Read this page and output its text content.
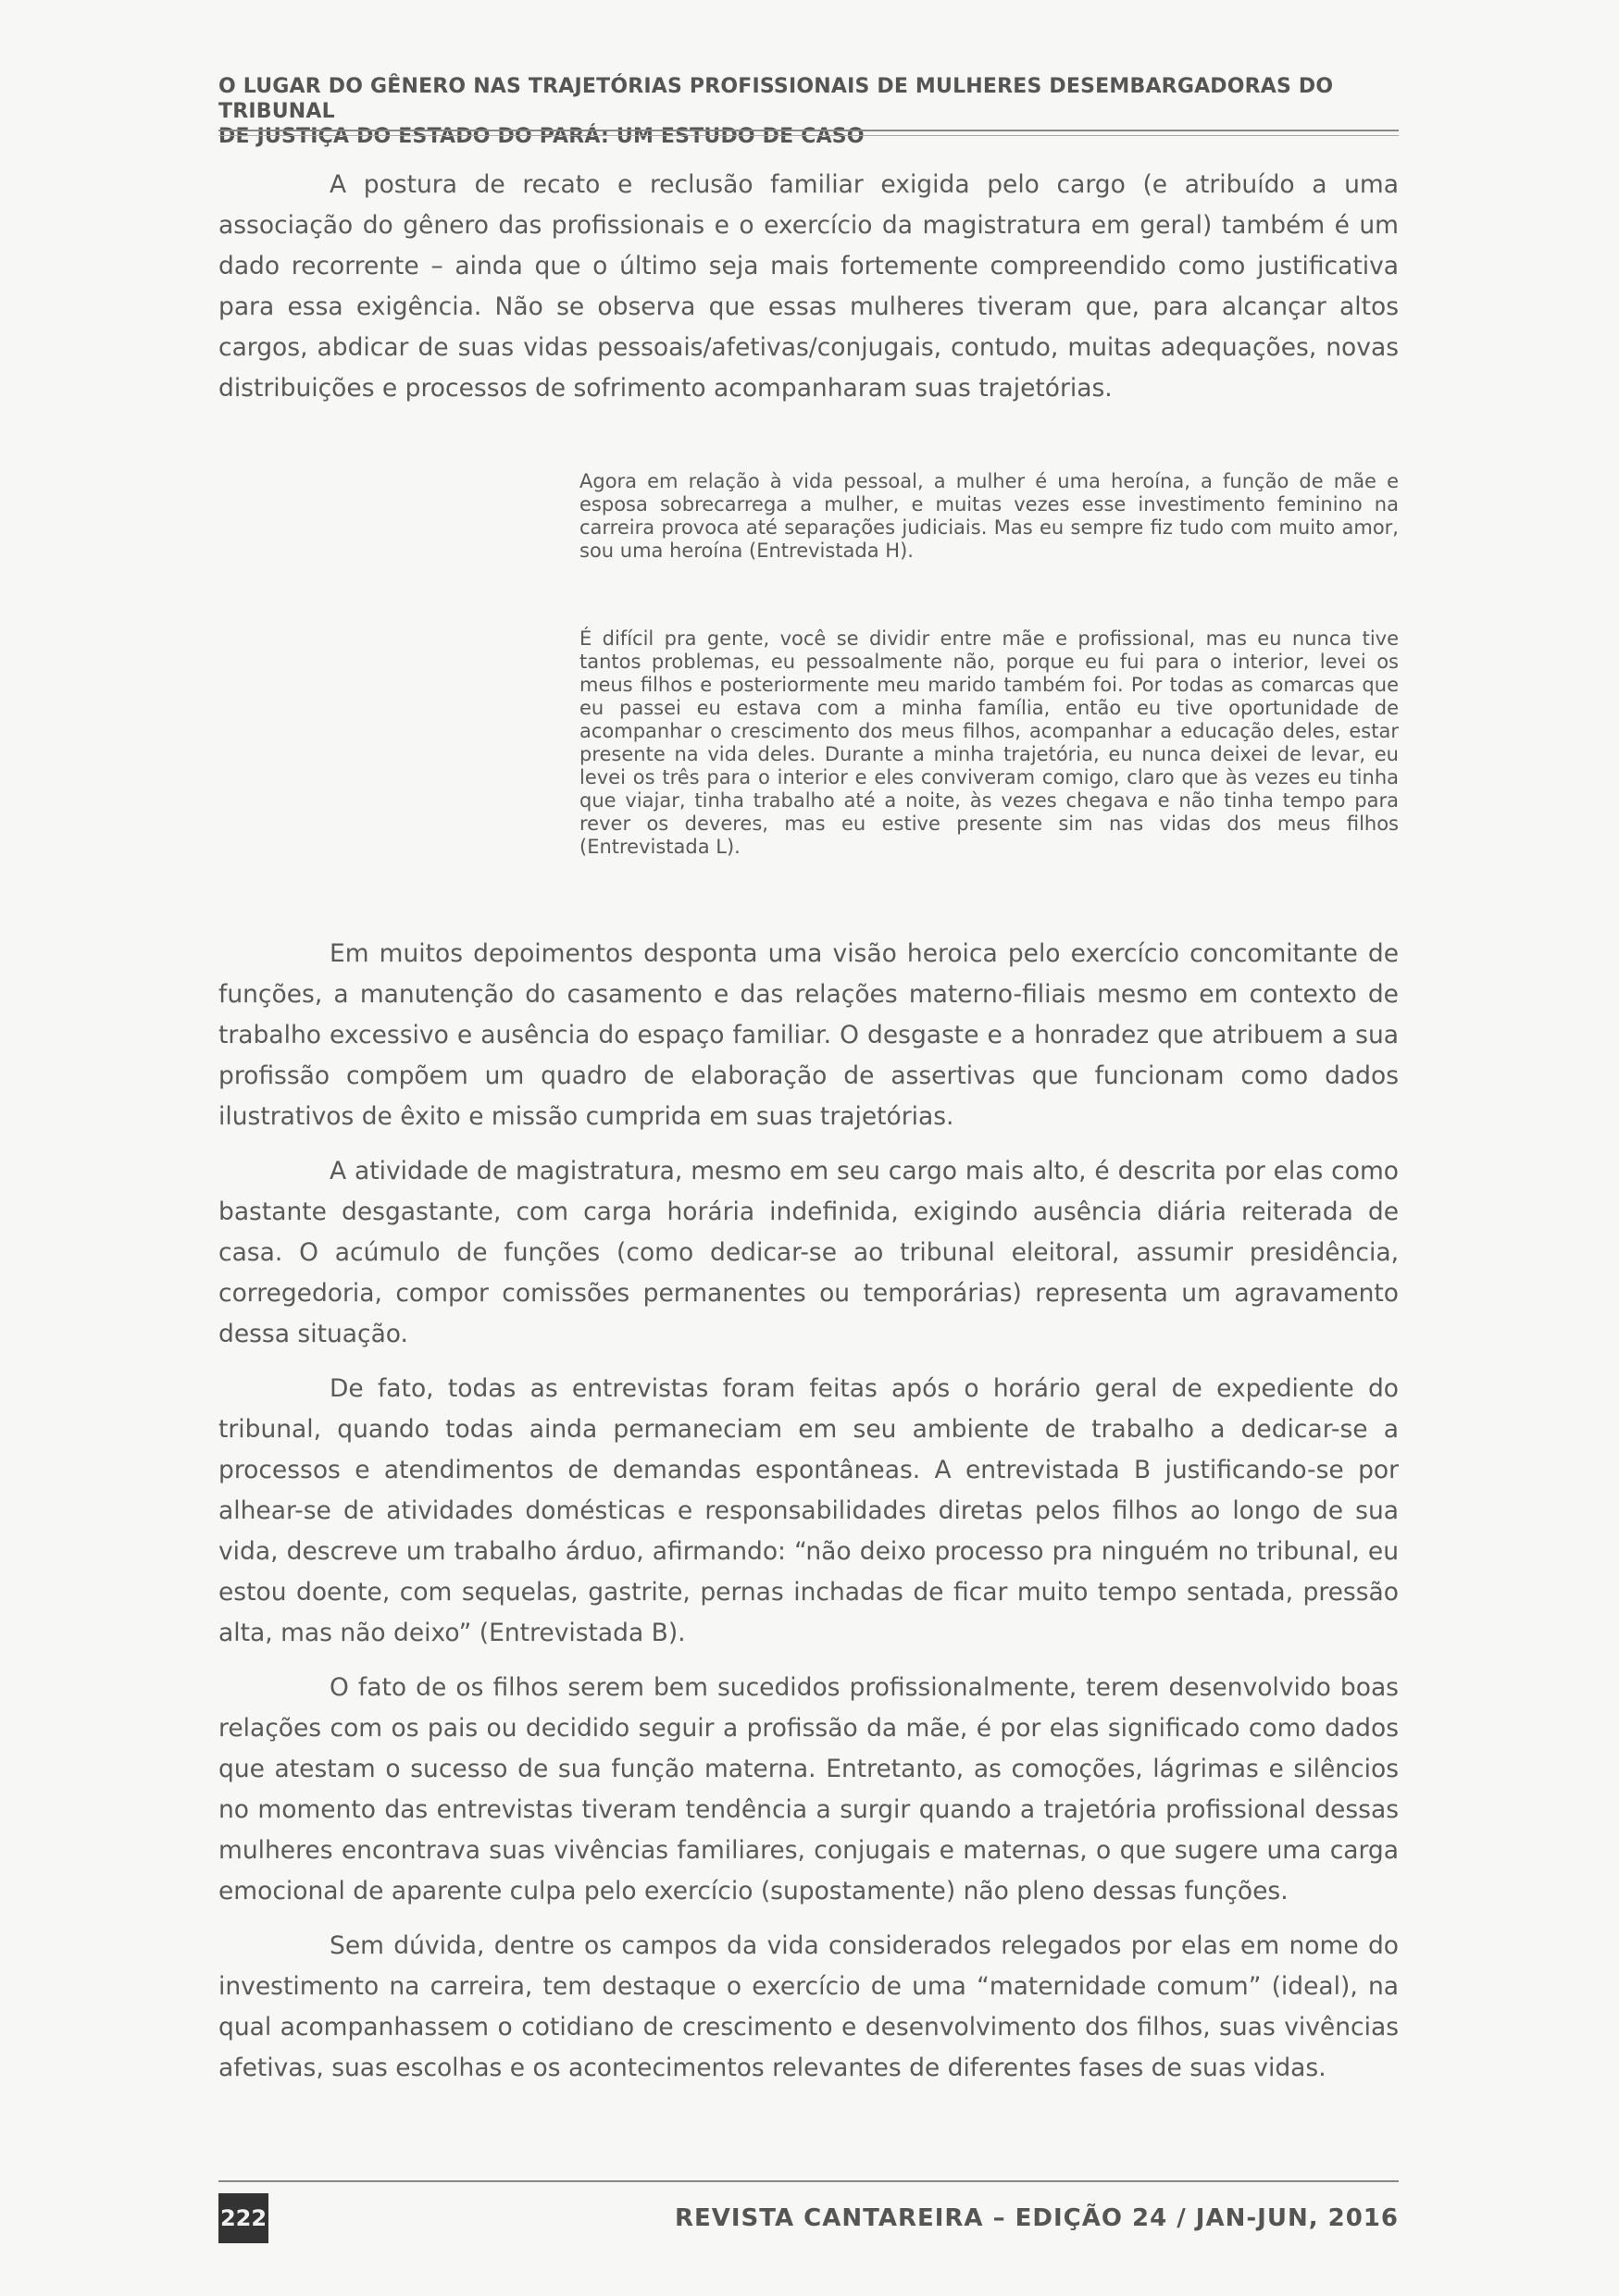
O LUGAR DO GÊNERO NAS TRAJETÓRIAS PROFISSIONAIS DE MULHERES DESEMBARGADORAS DO TRIBUNAL
DE JUSTIÇA DO ESTADO DO PARÁ: UM ESTUDO DE CASO

A postura de recato e reclusão familiar exigida pelo cargo (e atribuído a uma associação do gênero das profissionais e o exercício da magistratura em geral) também é um dado recorrente – ainda que o último seja mais fortemente compreendido como justificativa para essa exigência. Não se observa que essas mulheres tiveram que, para alcançar altos cargos, abdicar de suas vidas pessoais/afetivas/conjugais, contudo, muitas adequações, novas distribuições e processos de sofrimento acompanharam suas trajetórias.

Agora em relação à vida pessoal, a mulher é uma heroína, a função de mãe e esposa sobrecarrega a mulher, e muitas vezes esse investimento feminino na carreira provoca até separações judiciais. Mas eu sempre fiz tudo com muito amor, sou uma heroína (Entrevistada H).

É difícil pra gente, você se dividir entre mãe e profissional, mas eu nunca tive tantos problemas, eu pessoalmente não, porque eu fui para o interior, levei os meus filhos e posteriormente meu marido também foi. Por todas as comarcas que eu passei eu estava com a minha família, então eu tive oportunidade de acompanhar o crescimento dos meus filhos, acompanhar a educação deles, estar presente na vida deles. Durante a minha trajetória, eu nunca deixei de levar, eu levei os três para o interior e eles conviveram comigo, claro que às vezes eu tinha que viajar, tinha trabalho até a noite, às vezes chegava e não tinha tempo para rever os deveres, mas eu estive presente sim nas vidas dos meus filhos (Entrevistada L).

Em muitos depoimentos desponta uma visão heroica pelo exercício concomitante de funções, a manutenção do casamento e das relações materno-filiais mesmo em contexto de trabalho excessivo e ausência do espaço familiar. O desgaste e a honradez que atribuem a sua profissão compõem um quadro de elaboração de assertivas que funcionam como dados ilustrativos de êxito e missão cumprida em suas trajetórias.

A atividade de magistratura, mesmo em seu cargo mais alto, é descrita por elas como bastante desgastante, com carga horária indefinida, exigindo ausência diária reiterada de casa. O acúmulo de funções (como dedicar-se ao tribunal eleitoral, assumir presidência, corregedoria, compor comissões permanentes ou temporárias) representa um agravamento dessa situação.

De fato, todas as entrevistas foram feitas após o horário geral de expediente do tribunal, quando todas ainda permaneciam em seu ambiente de trabalho a dedicar-se a processos e atendimentos de demandas espontâneas. A entrevistada B justificando-se por alhear-se de atividades domésticas e responsabilidades diretas pelos filhos ao longo de sua vida, descreve um trabalho árduo, afirmando: “não deixo processo pra ninguém no tribunal, eu estou doente, com sequelas, gastrite, pernas inchadas de ficar muito tempo sentada, pressão alta, mas não deixo” (Entrevistada B).

O fato de os filhos serem bem sucedidos profissionalmente, terem desenvolvido boas relações com os pais ou decidido seguir a profissão da mãe, é por elas significado como dados que atestam o sucesso de sua função materna. Entretanto, as comoções, lágrimas e silêncios no momento das entrevistas tiveram tendência a surgir quando a trajetória profissional dessas mulheres encontrava suas vivências familiares, conjugais e maternas, o que sugere uma carga emocional de aparente culpa pelo exercício (supostamente) não pleno dessas funções.

Sem dúvida, dentre os campos da vida considerados relegados por elas em nome do investimento na carreira, tem destaque o exercício de uma “maternidade comum” (ideal), na qual acompanhassem o cotidiano de crescimento e desenvolvimento dos filhos, suas vivências afetivas, suas escolhas e os acontecimentos relevantes de diferentes fases de suas vidas.

222	REVISTA CANTAREIRA – EDIÇÃO 24 / JAN-JUN, 2016
